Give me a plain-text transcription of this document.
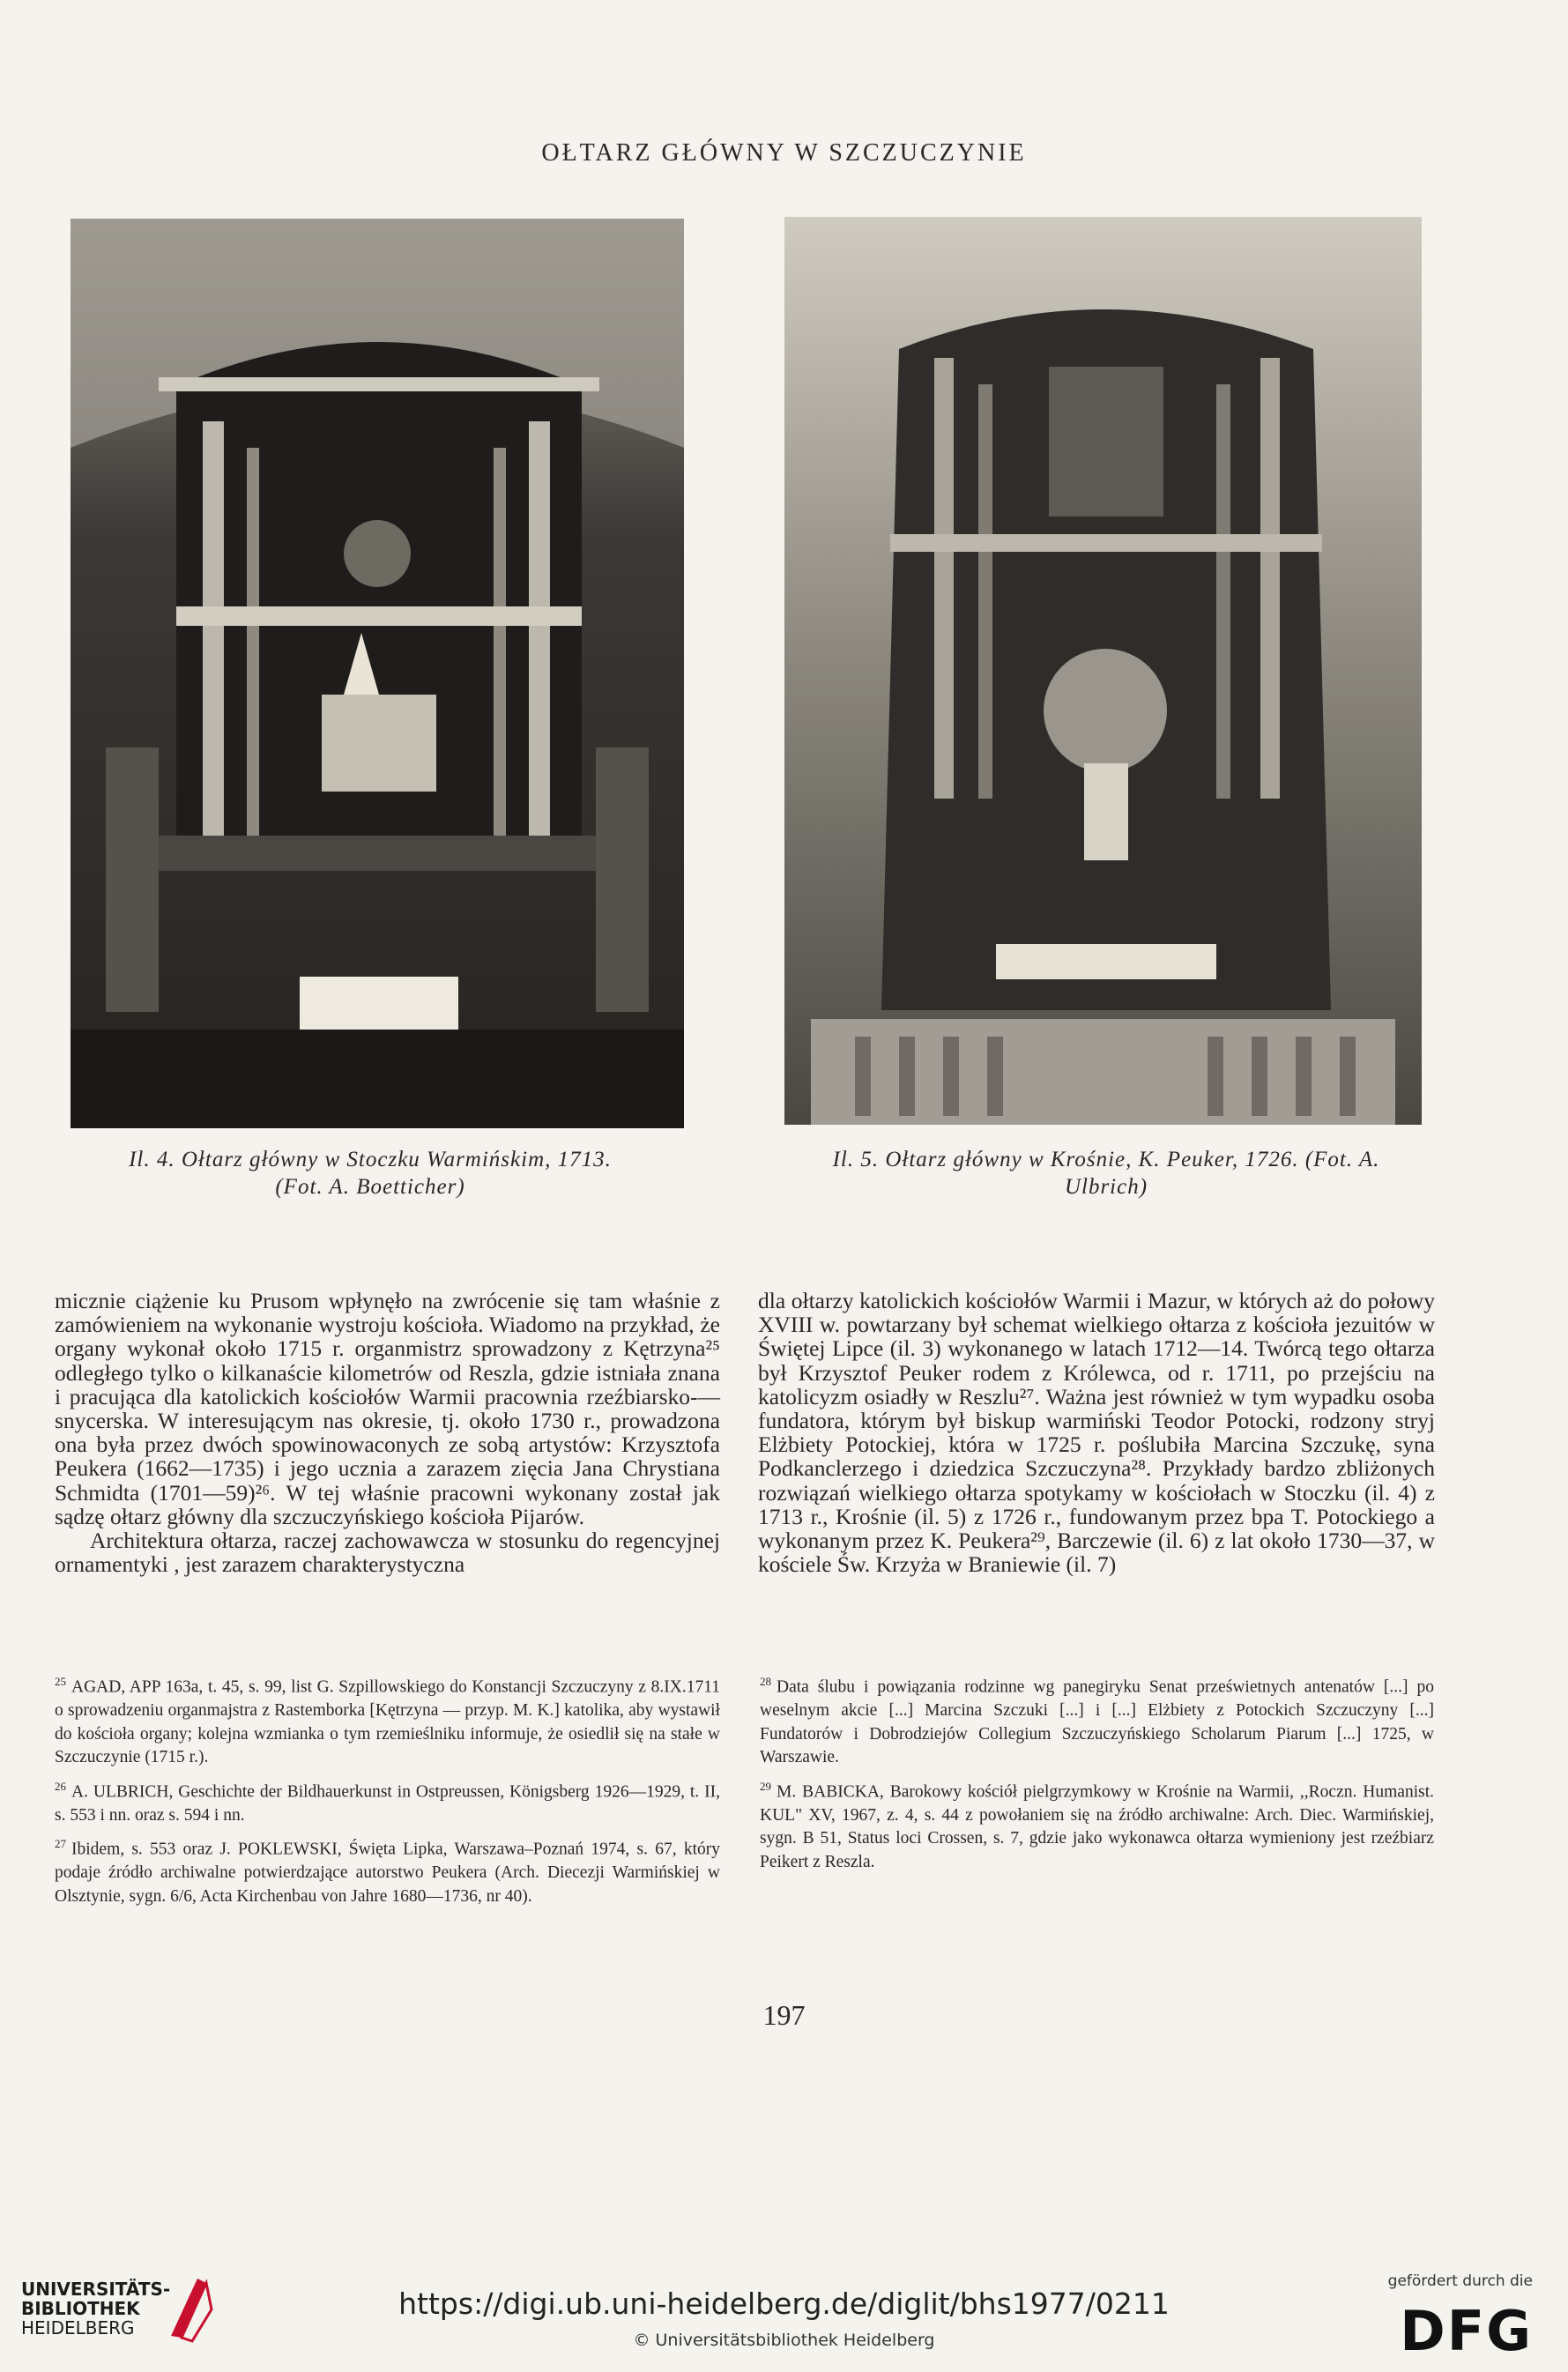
OŁTARZ GŁÓWNY W SZCZUCZYNIE
Il. 4. Ołtarz główny w Stoczku Warmińskim, 1713.
(Fot. A. Boetticher)
Il. 5. Ołtarz główny w Krośnie, K. Peuker, 1726. (Fot. A.
Ulbrich)

micznie ciążenie ku Prusom wpłynęło na zwrócenie się tam właśnie z zamówieniem na wykonanie wystroju kościoła. Wiadomo na przykład, że organy wykonał około 1715 r. organmistrz sprowadzony z Kętrzyna²⁵ odległego tylko o kilkanaście kilometrów od Reszla, gdzie istniała znana i pracująca dla katolickich kościołów Warmii pracownia rzeźbiarsko-—snycerska. W interesującym nas okresie, tj. około 1730 r., prowadzona ona była przez dwóch spowinowaconych ze sobą artystów: Krzysztofa Peukera (1662—1735) i jego ucznia a zarazem zięcia Jana Chrystiana Schmidta (1701—59)²⁶. W tej właśnie pracowni wykonany został jak sądzę ołtarz główny dla szczuczyńskiego kościoła Pijarów.

Architektura ołtarza, raczej zachowawcza w stosunku do regencyjnej ornamentyki , jest zarazem charakterystyczna

dla ołtarzy katolickich kościołów Warmii i Mazur, w których aż do połowy XVIII w. powtarzany był schemat wielkiego ołtarza z kościoła jezuitów w Świętej Lipce (il. 3) wykonanego w latach 1712—14. Twórcą tego ołtarza był Krzysztof Peuker rodem z Królewca, od r. 1711, po przejściu na katolicyzm osiadły w Reszlu²⁷. Ważna jest również w tym wypadku osoba fundatora, którym był biskup warmiński Teodor Potocki, rodzony stryj Elżbiety Potockiej, która w 1725 r. poślubiła Marcina Szczukę, syna Podkanclerzego i dziedzica Szczuczyna²⁸. Przykłady bardzo zbliżonych rozwiązań wielkiego ołtarza spotykamy w kościołach w Stoczku (il. 4) z 1713 r., Krośnie (il. 5) z 1726 r., fundowanym przez bpa T. Potockiego a wykonanym przez K. Peukera²⁹, Barczewie (il. 6) z lat około 1730—37, w kościele Św. Krzyża w Braniewie (il. 7)

$^{25}$ AGAD, APP 163a, t. 45, s. 99, list G. Szpillowskiego do Konstancji Szczuczyny z 8.IX.1711 o sprowadzeniu organmajstra z Rastemborka [Kętrzyna — przyp. M. K.] katolika, aby wystawił do kościoła organy; kolejna wzmianka o tym rzemieślniku informuje, że osiedlił się na stałe w Szczuczynie (1715 r.).

$^{26}$ A. ULBRICH, Geschichte der Bildhauerkunst in Ostpreussen, Königsberg 1926—1929, t. II, s. 553 i nn. oraz s. 594 i nn.

$^{27}$ Ibidem, s. 553 oraz J. POKLEWSKI, Święta Lipka, Warszawa–Poznań 1974, s. 67, który podaje źródło archiwalne potwierdzające autorstwo Peukera (Arch. Diecezji Warmińskiej w Olsztynie, sygn. 6/6, Acta Kirchenbau von Jahre 1680—1736, nr 40).

$^{28}$ Data ślubu i powiązania rodzinne wg panegiryku Senat prześwietnych antenatów [...] po weselnym akcie [...] Marcina Szczuki [...] i [...] Elżbiety z Potockich Szczuczyny [...] Fundatorów i Dobrodziejów Collegium Szczuczyńskiego Scholarum Piarum [...] 1725, w Warszawie.

$^{29}$ M. BABICKA, Barokowy kościół pielgrzymkowy w Krośnie na Warmii, ,,Roczn. Humanist. KUL" XV, 1967, z. 4, s. 44 z powołaniem się na źródło archiwalne: Arch. Diec. Warmińskiej, sygn. B 51, Status loci Crossen, s. 7, gdzie jako wykonawca ołtarza wymieniony jest rzeźbiarz Peikert z Reszla.

197
UNIVERSITÄTS-
BIBLIOTHEK
HEIDELBERG
https://digi.ub.uni-heidelberg.de/diglit/bhs1977/0211
© Universitätsbibliothek Heidelberg
gefördert durch die
DFG
